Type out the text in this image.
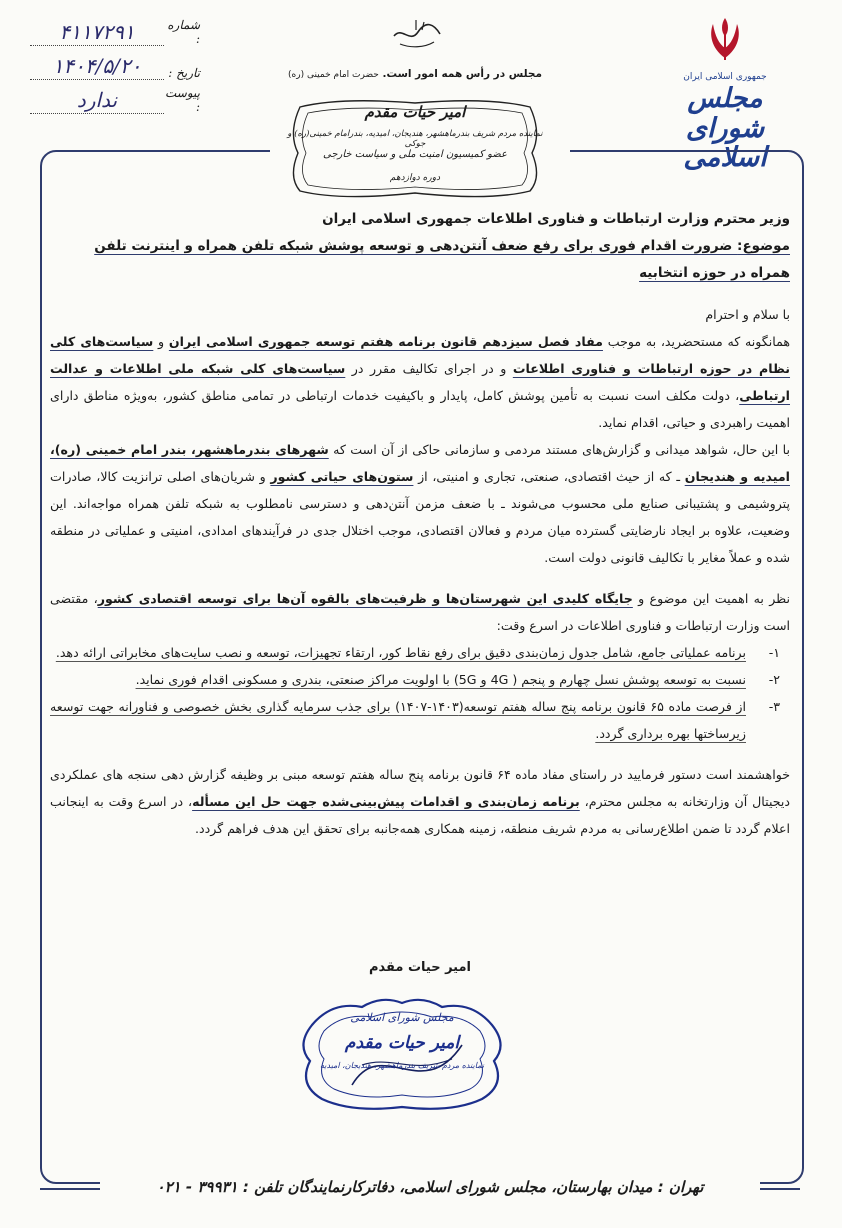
جمهوری اسلامی ایران
مجلس شورای اسلامی
مجلس در رأس همه امور است. حضرت امام خمینی (ره)
شماره :
۴۱۱۷۲۹۱
تاریخ :
۱۴۰۴/۵/۲۰
پیوست :
ندارد	امیر حیات مقدم
نماینده مردم شریف بندرماهشهر، هندیجان، امیدیه، بندرامام خمینی(ره) و جوکی
عضو کمیسیون امنیت ملی و سیاست خارجی
دوره دوازدهم

وزیر محترم وزارت ارتباطات و فناوری اطلاعات جمهوری اسلامی ایران

موضوع: ضرورت اقدام فوری برای رفع ضعف آنتن‌دهی و توسعه پوشش شبکه تلفن همراه و اینترنت تلفن

همراه در حوزه انتخابیه

با سلام و احترام

همانگونه که مستحضرید، به موجب مفاد فصل سیزدهم قانون برنامه هفتم توسعه جمهوری اسلامی ایران و سیاست‌های کلی نظام در حوزه ارتباطات و فناوری اطلاعات و در اجرای تکالیف مقرر در سیاست‌های کلی شبکه ملی اطلاعات و عدالت ارتباطی، دولت مکلف است نسبت به تأمین پوشش کامل، پایدار و باکیفیت خدمات ارتباطی در تمامی مناطق کشور، به‌ویژه مناطق دارای اهمیت راهبردی و حیاتی، اقدام نماید.

با این حال، شواهد میدانی و گزارش‌های مستند مردمی و سازمانی حاکی از آن است که شهرهای بندرماهشهر، بندر امام خمینی (ره)، امیدیه و هندیجان ـ که از حیث اقتصادی، صنعتی، تجاری و امنیتی، از ستون‌های حیاتی کشور و شریان‌های اصلی ترانزیت کالا، صادرات پتروشیمی و پشتیبانی صنایع ملی محسوب می‌شوند ـ با ضعف مزمن آنتن‌دهی و دسترسی نامطلوب به شبکه تلفن همراه مواجه‌اند. این وضعیت، علاوه بر ایجاد نارضایتی گسترده میان مردم و فعالان اقتصادی، موجب اختلال جدی در فرآیندهای امدادی، امنیتی و عملیاتی در منطقه شده و عملاً مغایر با تکالیف قانونی دولت است.

نظر به اهمیت این موضوع و جایگاه کلیدی این شهرستان‌ها و ظرفیت‌های بالقوه آن‌ها برای توسعه اقتصادی کشور، مقتضی است وزارت ارتباطات و فناوری اطلاعات در اسرع وقت:

۱-
برنامه عملیاتی جامع، شامل جدول زمان‌بندی دقیق برای رفع نقاط کور، ارتقاء تجهیزات، توسعه و نصب سایت‌های مخابراتی ارائه دهد.

۲-
نسبت به توسعه پوشش نسل چهارم و پنجم ( 4G و 5G) با اولویت مراکز صنعتی، بندری و مسکونی اقدام فوری نماید.

۳-
از فرصت ماده ۶۵ قانون برنامه پنج ساله هفتم توسعه(۱۴۰۳-۱۴۰۷) برای جذب سرمایه گذاری بخش خصوصی و فناورانه جهت توسعه زیرساختها بهره برداری گردد.

خواهشمند است دستور فرمایید در راستای مفاد ماده ۶۴ قانون برنامه پنج ساله هفتم توسعه مبنی بر وظیفه گزارش دهی سنجه های عملکردی دیجیتال آن وزارتخانه به مجلس محترم، برنامه زمان‌بندی و اقدامات پیش‌بینی‌شده جهت حل این مسأله، در اسرع وقت به اینجانب اعلام گردد تا ضمن اطلاع‌رسانی به مردم شریف منطقه، زمینه همکاری همه‌جانبه برای تحقق این هدف فراهم گردد.

امیر حیات مقدم
مجلس شورای اسلامی
امیر حیات مقدم
نماینده مردم شریف بندرماهشهر، هندیجان، امیدیه
تهران : میدان بهارستان، مجلس شورای اسلامی، دفاترکارنمایندگان تلفن : ۳۹۹۳۱ - ۰۲۱
